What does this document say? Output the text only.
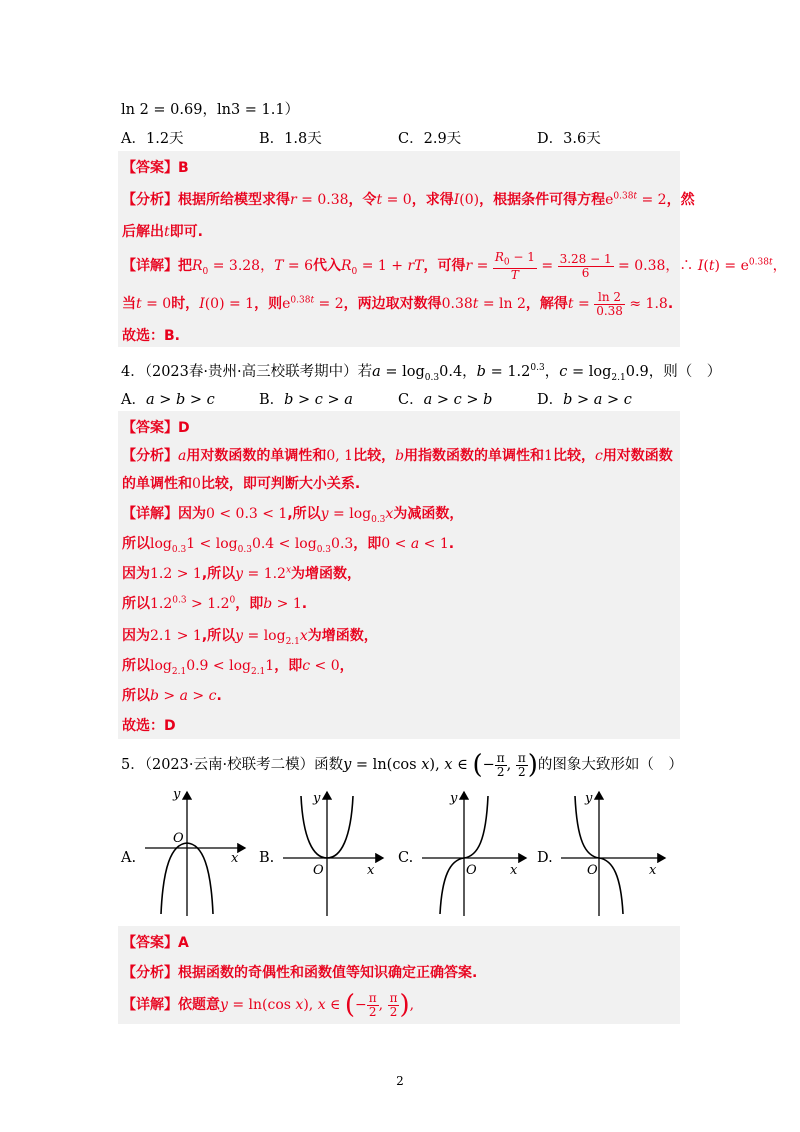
ln 2 = 0.69，ln3 = 1.1）
A．1.2天	B．1.8天	C．2.9天	D．3.6天
【答案】B
【分析】根据所给模型求得r = 0.38，令t = 0，求得I(0)，根据条件可得方程$e^{0.38t} = 2$，然
后解出t即可.
【详解】把$R_0 = 3.28$，T = 6代入$R_0 = 1$ + rT，可得$r = \frac{R_0 - 1}{T} = \frac{3.28 - 1}{6} = 0.38$，∴ $I(t) = e^{0.38t}$，
当t = 0时，I(0) = 1，则$e^{0.38t} = 2$，两边取对数得0.38t = ln 2，解得$t = \frac{\ln 2}{0.38} \approx 1.8$.
故选：B.
4．（2023春·贵州·高三校联考期中）若$a = \log_{0.3}0.4$，$b = 1.2^{0.3}$，$c = \log_{2.1}0.9$，则（　）
A．a > b > c	B．b > c > a	C．a > c > b	D．b > a > c
【答案】D
【分析】a用对数函数的单调性和0, 1比较，b用指数函数的单调性和1比较，c用对数函数
的单调性和0比较，即可判断大小关系.
【详解】因为0 < 0.3 < 1,所以$y = \log_{0.3}x$为减函数，
所以$\log_{0.3}1 < \log_{0.3}0.4 < \log_{0.3}0.3$，即0 < a < 1.
因为1.2 > 1,所以$y = 1.2^x$为增函数，
所以$1.2^{0.3} > 1.2^0$，即b > 1.
因为2.1 > 1,所以$y = \log_{2.1}x$为增函数，
所以$\log_{2.1}0.9 < \log_{2.1}1$，即c < 0，
所以b > a > c.
故选：D
5．（2023·云南·校联考二模）函数y = ln(cos x), x ∈ (− $\frac{\pi}{2}$ , $\frac{\pi}{2}$ )的图象大致形如（　）
A.
y
O
x B.
y
O	x
C.
y
O	x
D.
y
O	x
【答案】A
【分析】根据函数的奇偶性和函数值等知识确定正确答案.
【详解】依题意y = ln(cos x), x ∈ (− $\frac{\pi}{2}$ , $\frac{\pi}{2}$ ),
2
